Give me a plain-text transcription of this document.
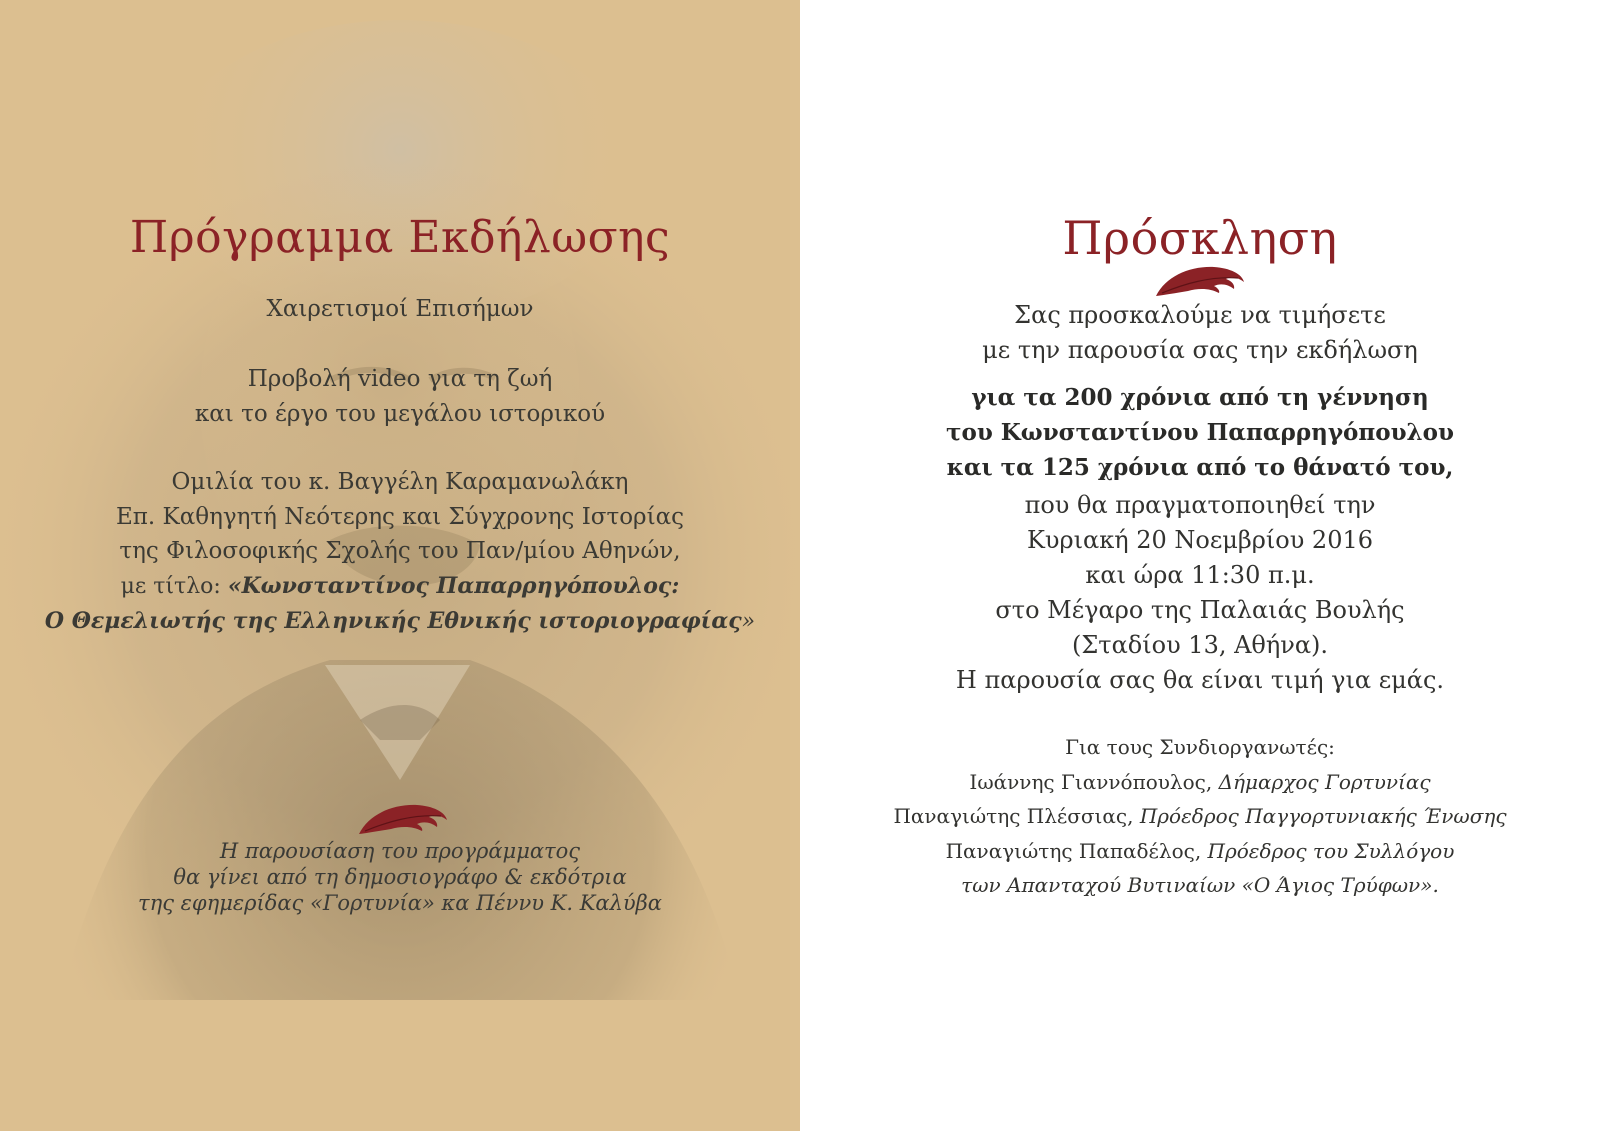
Πρόγραμμα Εκδήλωσης
Χαιρετισμοί Επισήμων
Προβολή video για τη ζωή
και το έργο του μεγάλου ιστορικού
Ομιλία του κ. Βαγγέλη Καραμανωλάκη
Επ. Καθηγητή Νεότερης και Σύγχρονης Ιστορίας
της Φιλοσοφικής Σχολής του Παν/μίου Αθηνών,
με τίτλο: «Κωνσταντίνος Παπαρρηγόπουλος:
Ο Θεμελιωτής της Ελληνικής Εθνικής ιστοριογραφίας»
Η παρουσίαση του προγράμματος
θα γίνει από τη δημοσιογράφο & εκδότρια
της εφημερίδας «Γορτυνία» κα Πέννυ Κ. Καλύβα
Πρόσκληση
Σας προσκαλούμε να τιμήσετε
με την παρουσία σας την εκδήλωση
για τα 200 χρόνια από τη γέννηση
του Κωνσταντίνου Παπαρρηγόπουλου
και τα 125 χρόνια από το θάνατό του,
που θα πραγματοποιηθεί την
Κυριακή 20 Νοεμβρίου 2016
και ώρα 11:30 π.μ.
στο Μέγαρο της Παλαιάς Βουλής
(Σταδίου 13, Αθήνα).
Η παρουσία σας θα είναι τιμή για εμάς.
Για τους Συνδιοργανωτές:
Ιωάννης Γιαννόπουλος, Δήμαρχος Γορτυνίας
Παναγιώτης Πλέσσιας, Πρόεδρος Παγγορτυνιακής Ένωσης
Παναγιώτης Παπαδέλος, Πρόεδρος του Συλλόγου
των Απανταχού Βυτιναίων «Ο Άγιος Τρύφων».
